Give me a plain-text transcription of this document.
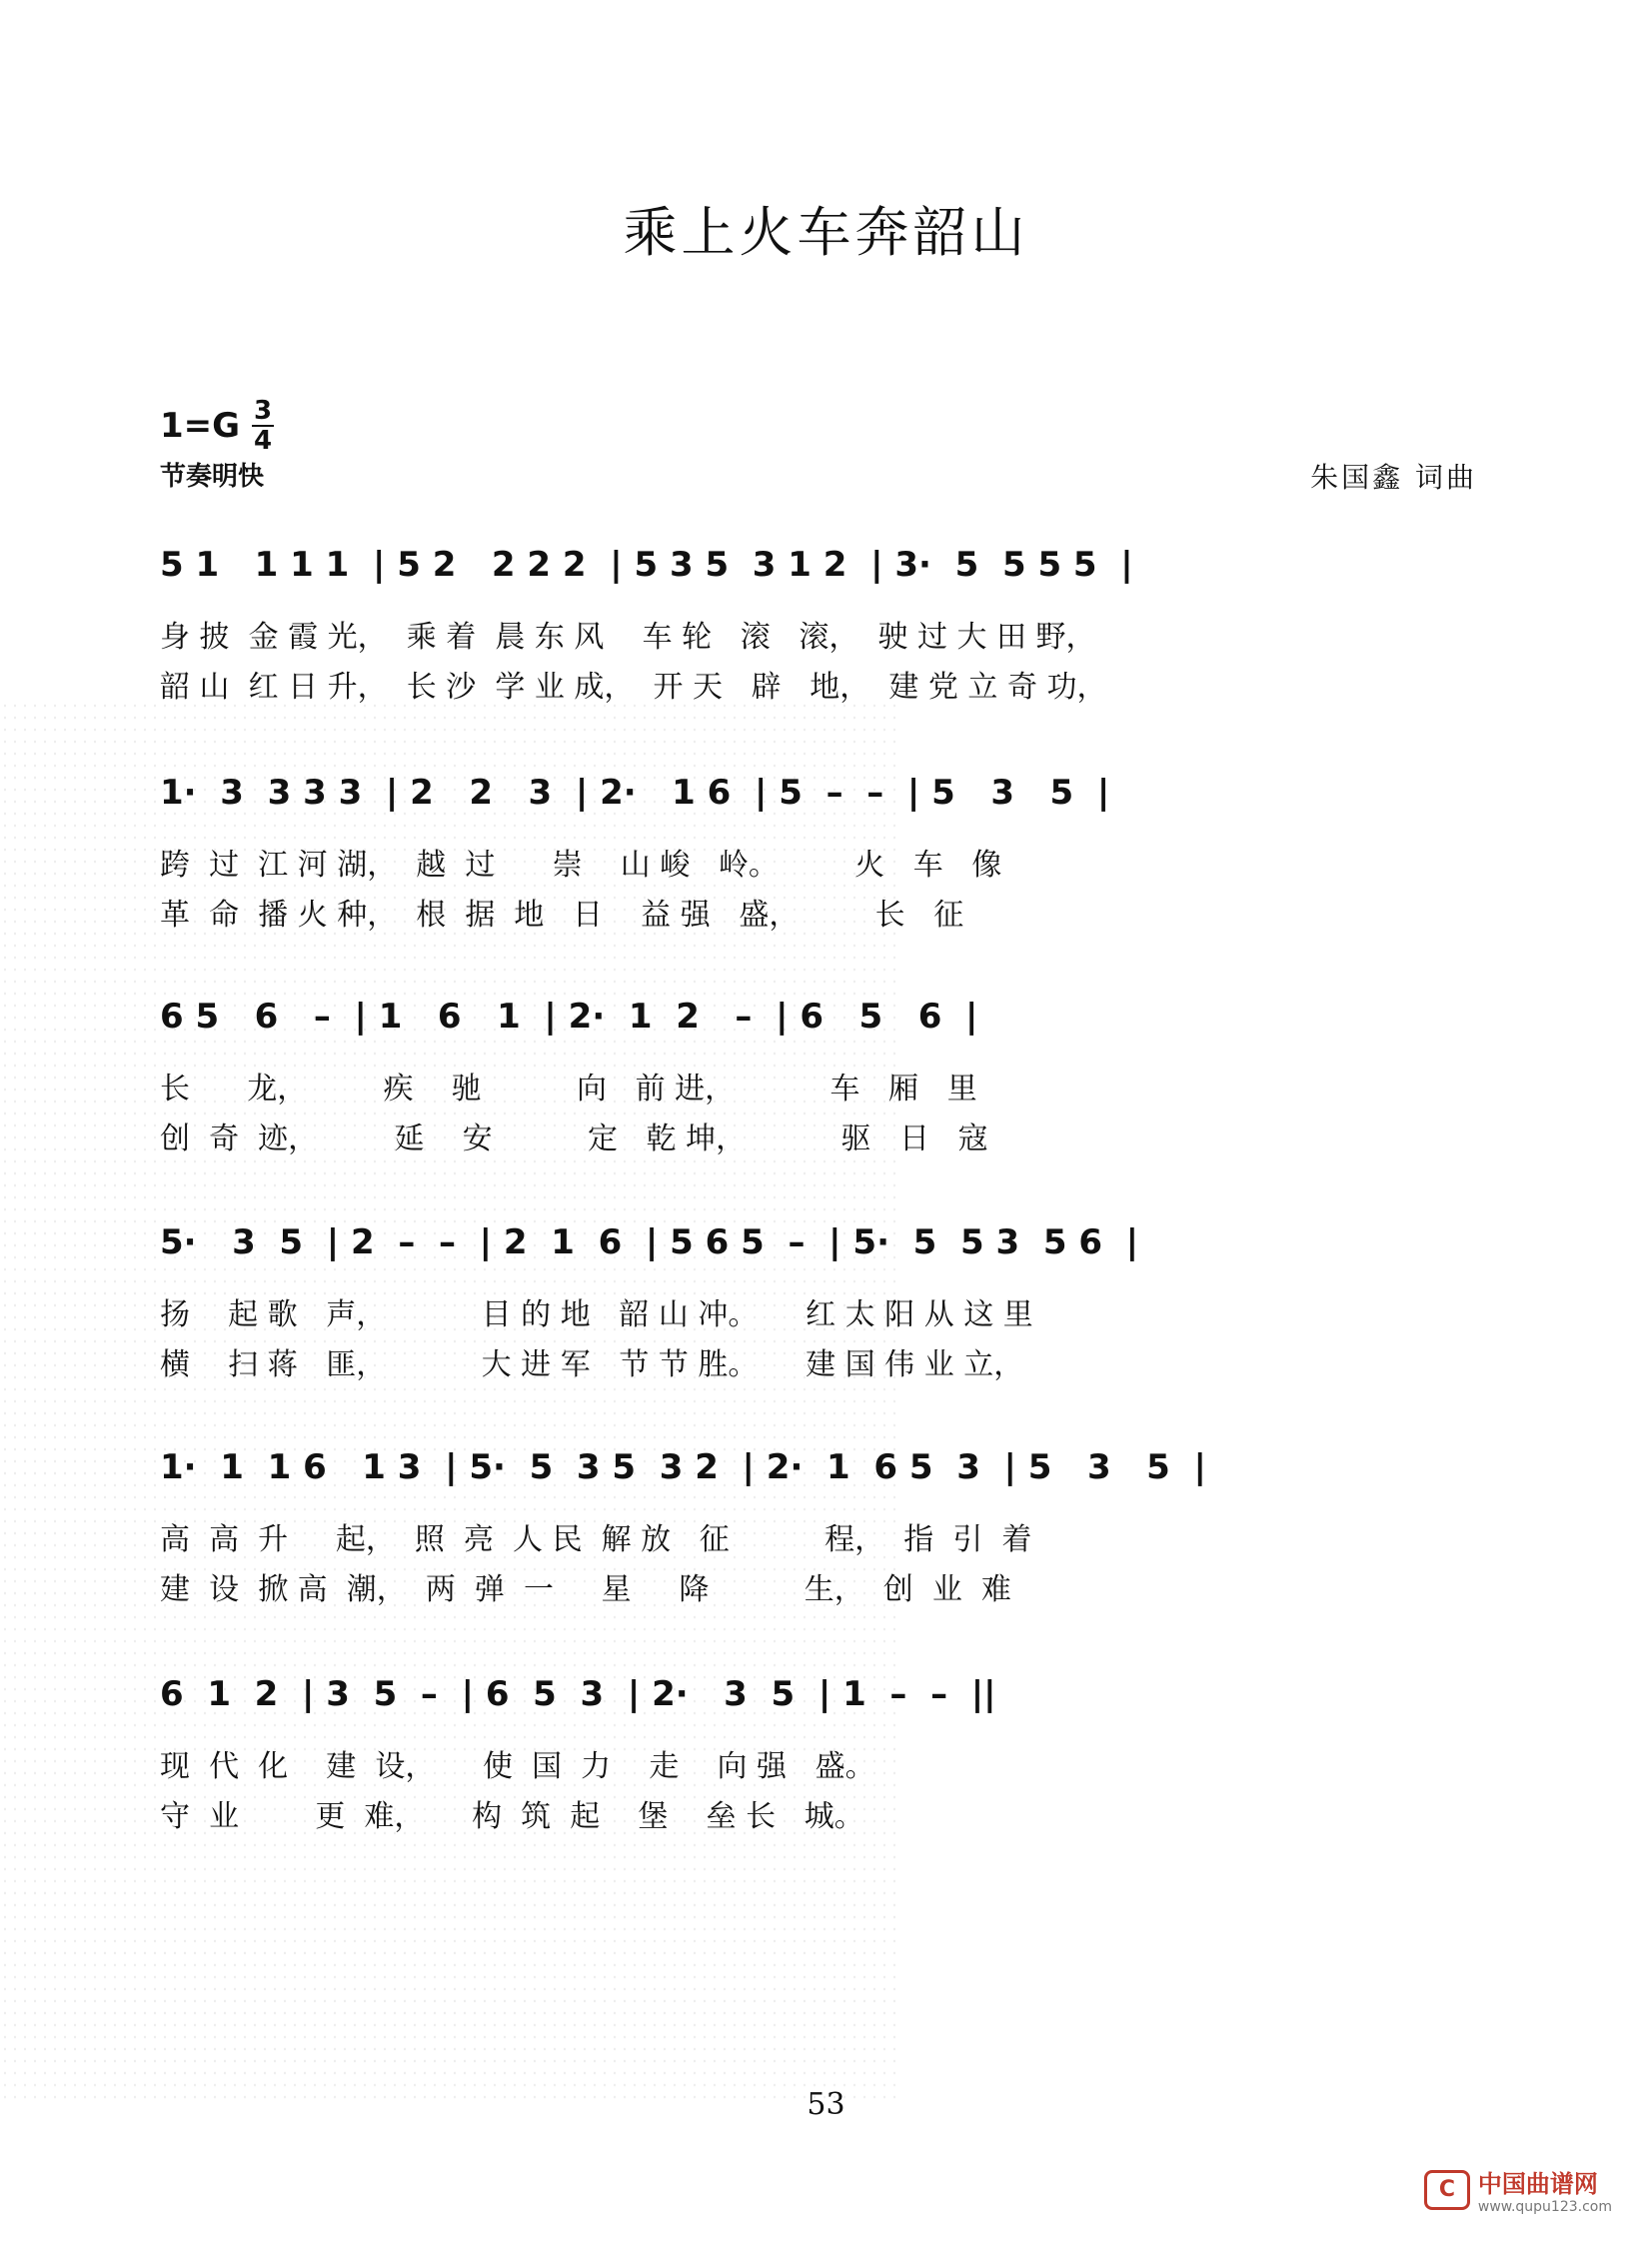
乘上火车奔韶山
$1=G \frac{3}{4}$
节奏明快	朱国鑫 词曲
5 1   1 1 1  | 5 2   2 2 2  | 5 3 5  3 1 2  | 3·  5  5 5 5  |
身 披  金 霞 光，  乘 着  晨 东 风    车 轮   滚   滚，  驶 过 大 田 野，
韶 山  红 日 升，  长 沙  学 业 成，  开 天   辟   地，  建 党 立 奇 功，
1·  3  3 3 3  | 2   2   3  | 2·   1 6  | 5  –  –  | 5   3   5  |
跨  过  江 河 湖，  越  过      崇    山 峻   岭。        火   车   像
革  命  播 火 种，  根  据  地   日    益 强   盛，        长   征
6 5   6   –  | 1   6   1  | 2·  1  2   –  | 6   5   6  |
长      龙，        疾    驰          向   前 进，          车   厢   里
创  奇  迹，        延    安          定   乾 坤，          驱   日   寇
5·   3  5  | 2  –  –  | 2  1  6  | 5 6 5  –  | 5·  5  5 3  5 6  |
扬    起 歌   声，          目 的 地   韶 山 冲。     红 太 阳 从 这 里
横    扫 蒋   匪，          大 进 军   节 节 胜。     建 国 伟 业 立，
1·  1  1 6   1 3  | 5·  5  3 5  3 2  | 2·  1  6 5  3  | 5   3   5  |
高  高  升     起，  照  亮  人 民  解 放   征          程，  指  引  着
建  设  掀 高  潮，  两  弹  一     星     降          生，  创  业  难
6  1  2  | 3  5  –  | 6  5  3  | 2·   3  5  | 1  –  –  ||
现  代  化    建  设，     使  国  力    走    向 强   盛。
守  业        更  难，     构  筑  起    堡    垒 长   城。
53
C 中国曲谱网
www.qupu123.com
